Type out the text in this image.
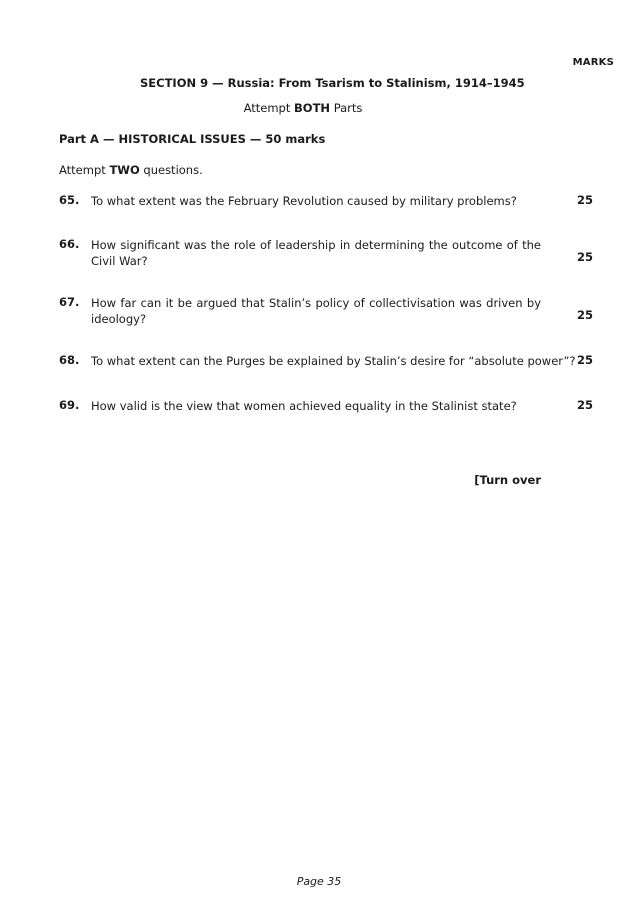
MARKS
SECTION 9 — Russia: From Tsarism to Stalinism, 1914–1945
Attempt BOTH Parts
Part A — HISTORICAL ISSUES — 50 marks
Attempt TWO questions.
65. To what extent was the February Revolution caused by military problems?	25
66. How significant was the role of leadership in determining the outcome of the Civil War?	25
67. How far can it be argued that Stalin’s policy of collectivisation was driven by ideology?	25
68. To what extent can the Purges be explained by Stalin’s desire for “absolute power”? 25
69. How valid is the view that women achieved equality in the Stalinist state?	25
[Turn over
Page 35
